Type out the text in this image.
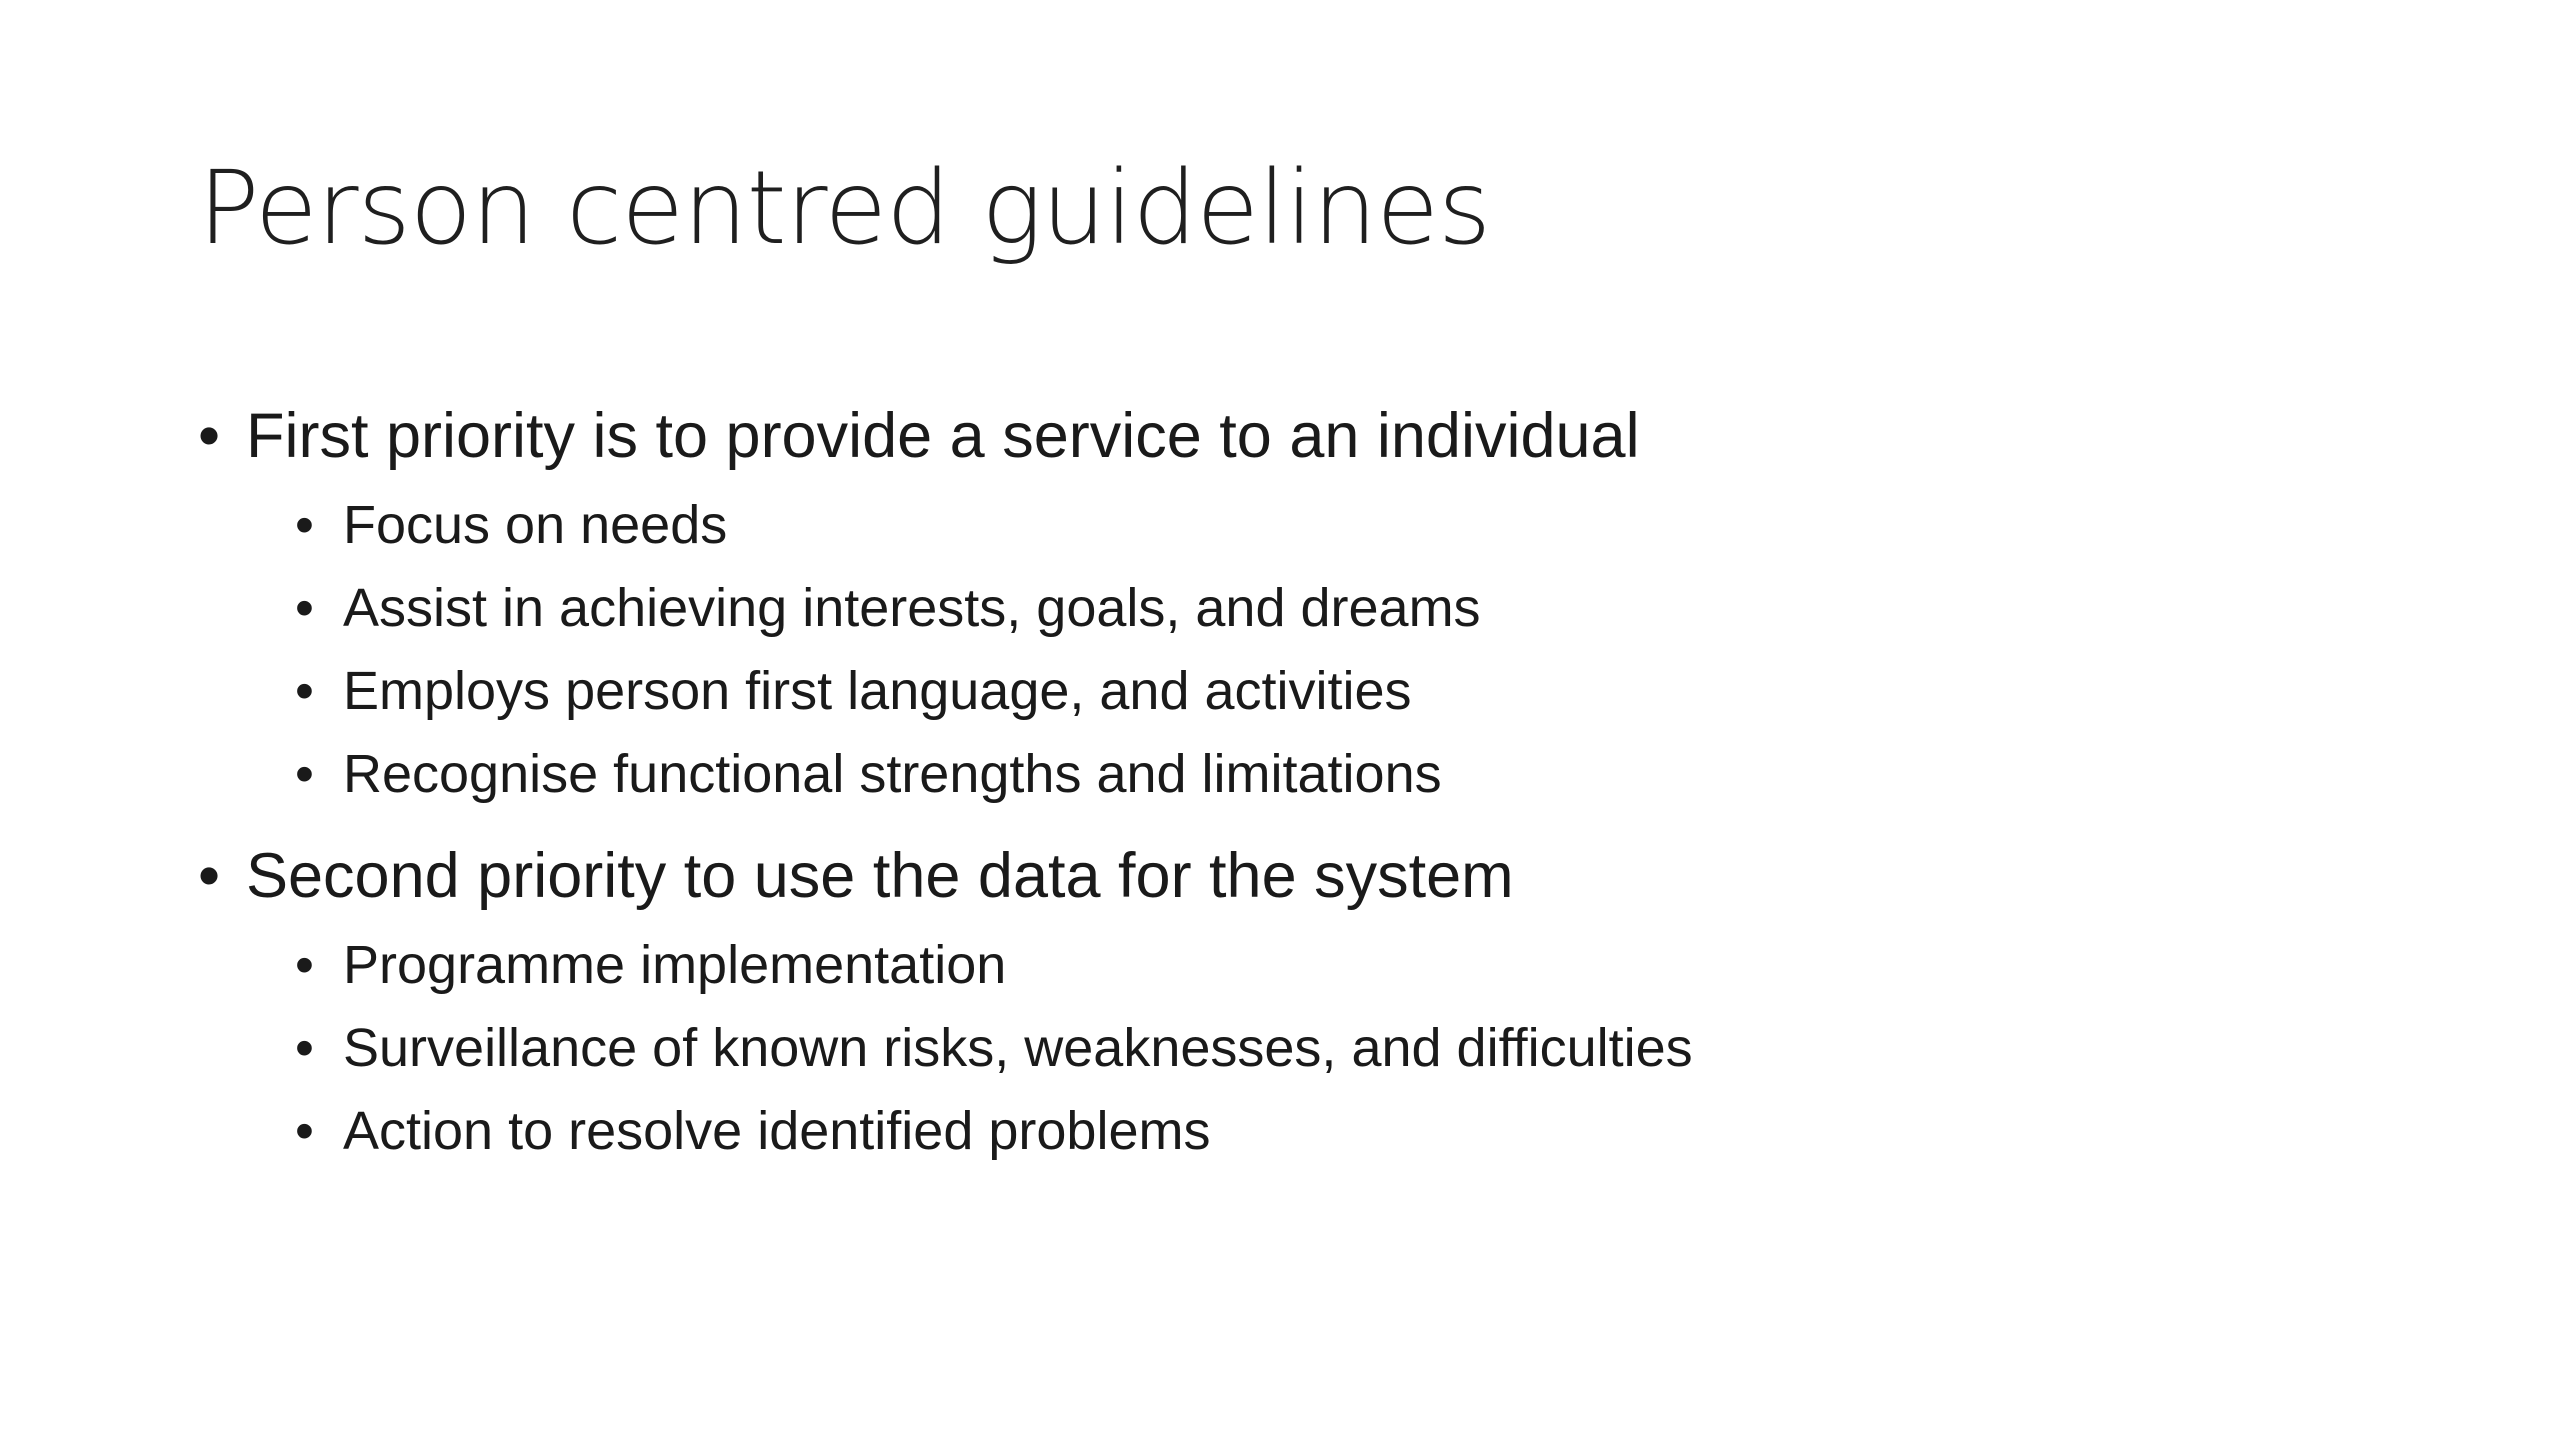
Person centred guidelines
• First priority is to provide a service to an individual
• Focus on needs
• Assist in achieving interests, goals, and dreams
• Employs person first language, and activities
• Recognise functional strengths and limitations
• Second priority to use the data for the system
• Programme implementation
• Surveillance of known risks, weaknesses, and difficulties
• Action to resolve identified problems
